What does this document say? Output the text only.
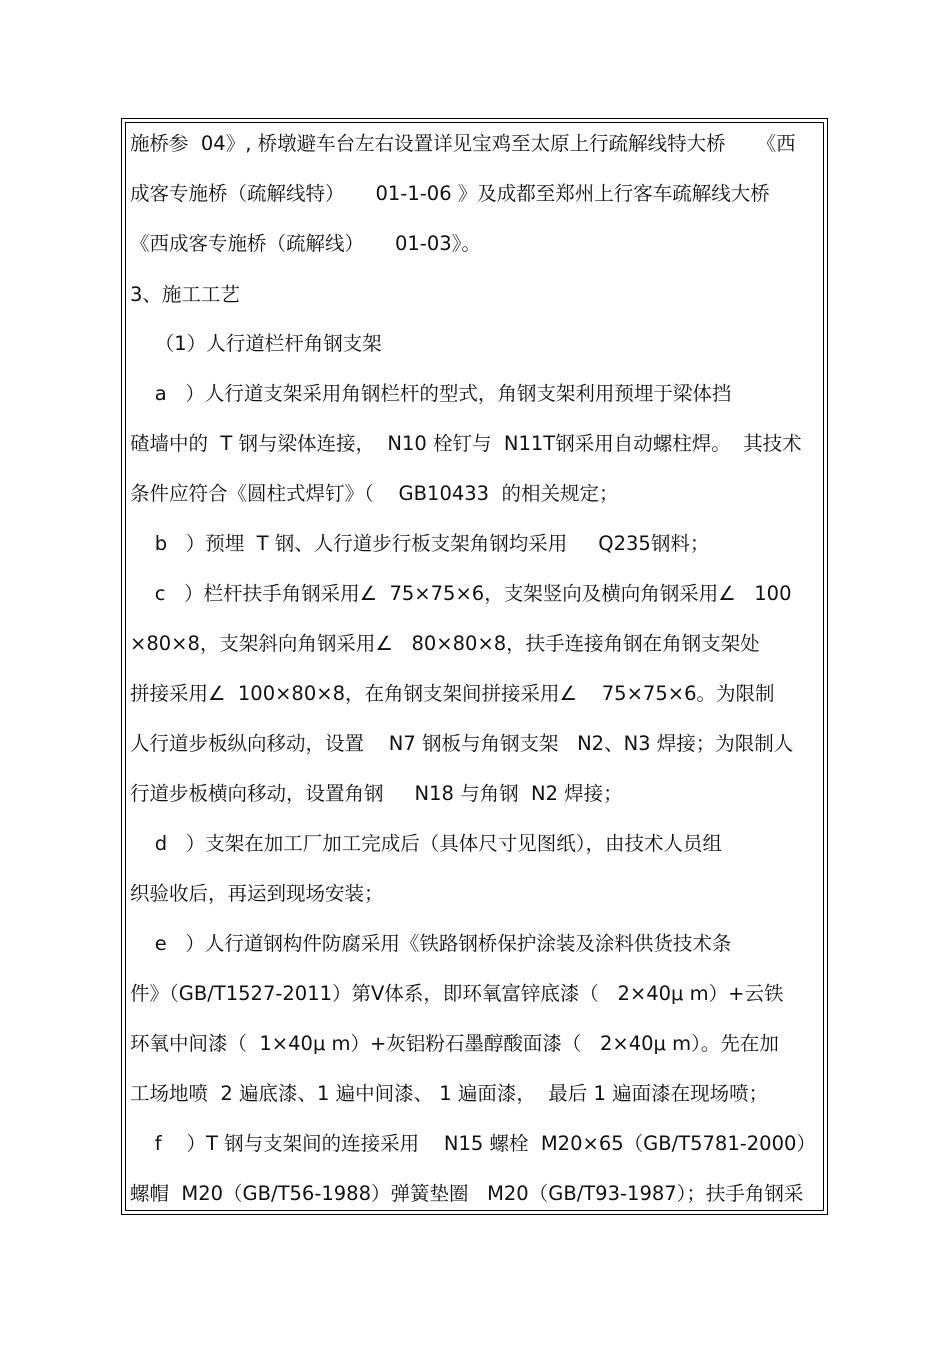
施桥参  04》, 桥墩避车台左右设置详见宝鸡至太原上行疏解线特大桥     《西
成客专施桥（疏解线特）     01-1-06 》及成都至郑州上行客车疏解线大桥
《西成客专施桥（疏解线）     01-03》。
3、施工工艺
（1）人行道栏杆角钢支架
a   ）人行道支架采用角钢栏杆的型式，角钢支架利用预埋于梁体挡
碴墙中的  T 钢与梁体连接，  N10 栓钉与  N11T钢采用自动螺柱焊。  其技术
条件应符合《圆柱式焊钉》（    GB10433  的相关规定；
b   ）预埋  T 钢、人行道步行板支架角钢均采用     Q235钢料；
c   ）栏杆扶手角钢采用∠  75×75×6，支架竖向及横向角钢采用∠   100
×80×8，支架斜向角钢采用∠   80×80×8，扶手连接角钢在角钢支架处
拼接采用∠  100×80×8，在角钢支架间拼接采用∠    75×75×6。为限制
人行道步板纵向移动，设置    N7 钢板与角钢支架   N2、N3 焊接；为限制人
行道步板横向移动，设置角钢     N18 与角钢  N2 焊接；
d   ）支架在加工厂加工完成后（具体尺寸见图纸），由技术人员组
织验收后，再运到现场安装；
e   ）人行道钢构件防腐采用《铁路钢桥保护涂装及涂料供货技术条
件》（GB/T1527-2011）第Ⅴ体系，即环氧富锌底漆（   2×40μ m）+云铁
环氧中间漆（  1×40μ m）+灰铝粉石墨醇酸面漆（   2×40μ m）。先在加
工场地喷  2 遍底漆、1 遍中间漆、 1 遍面漆，  最后 1 遍面漆在现场喷；
f    ）T 钢与支架间的连接采用    N15 螺栓  M20×65（GB/T5781-2000）
螺帽  M20（GB/T56-1988）弹簧垫圈   M20（GB/T93-1987）；扶手角钢采
